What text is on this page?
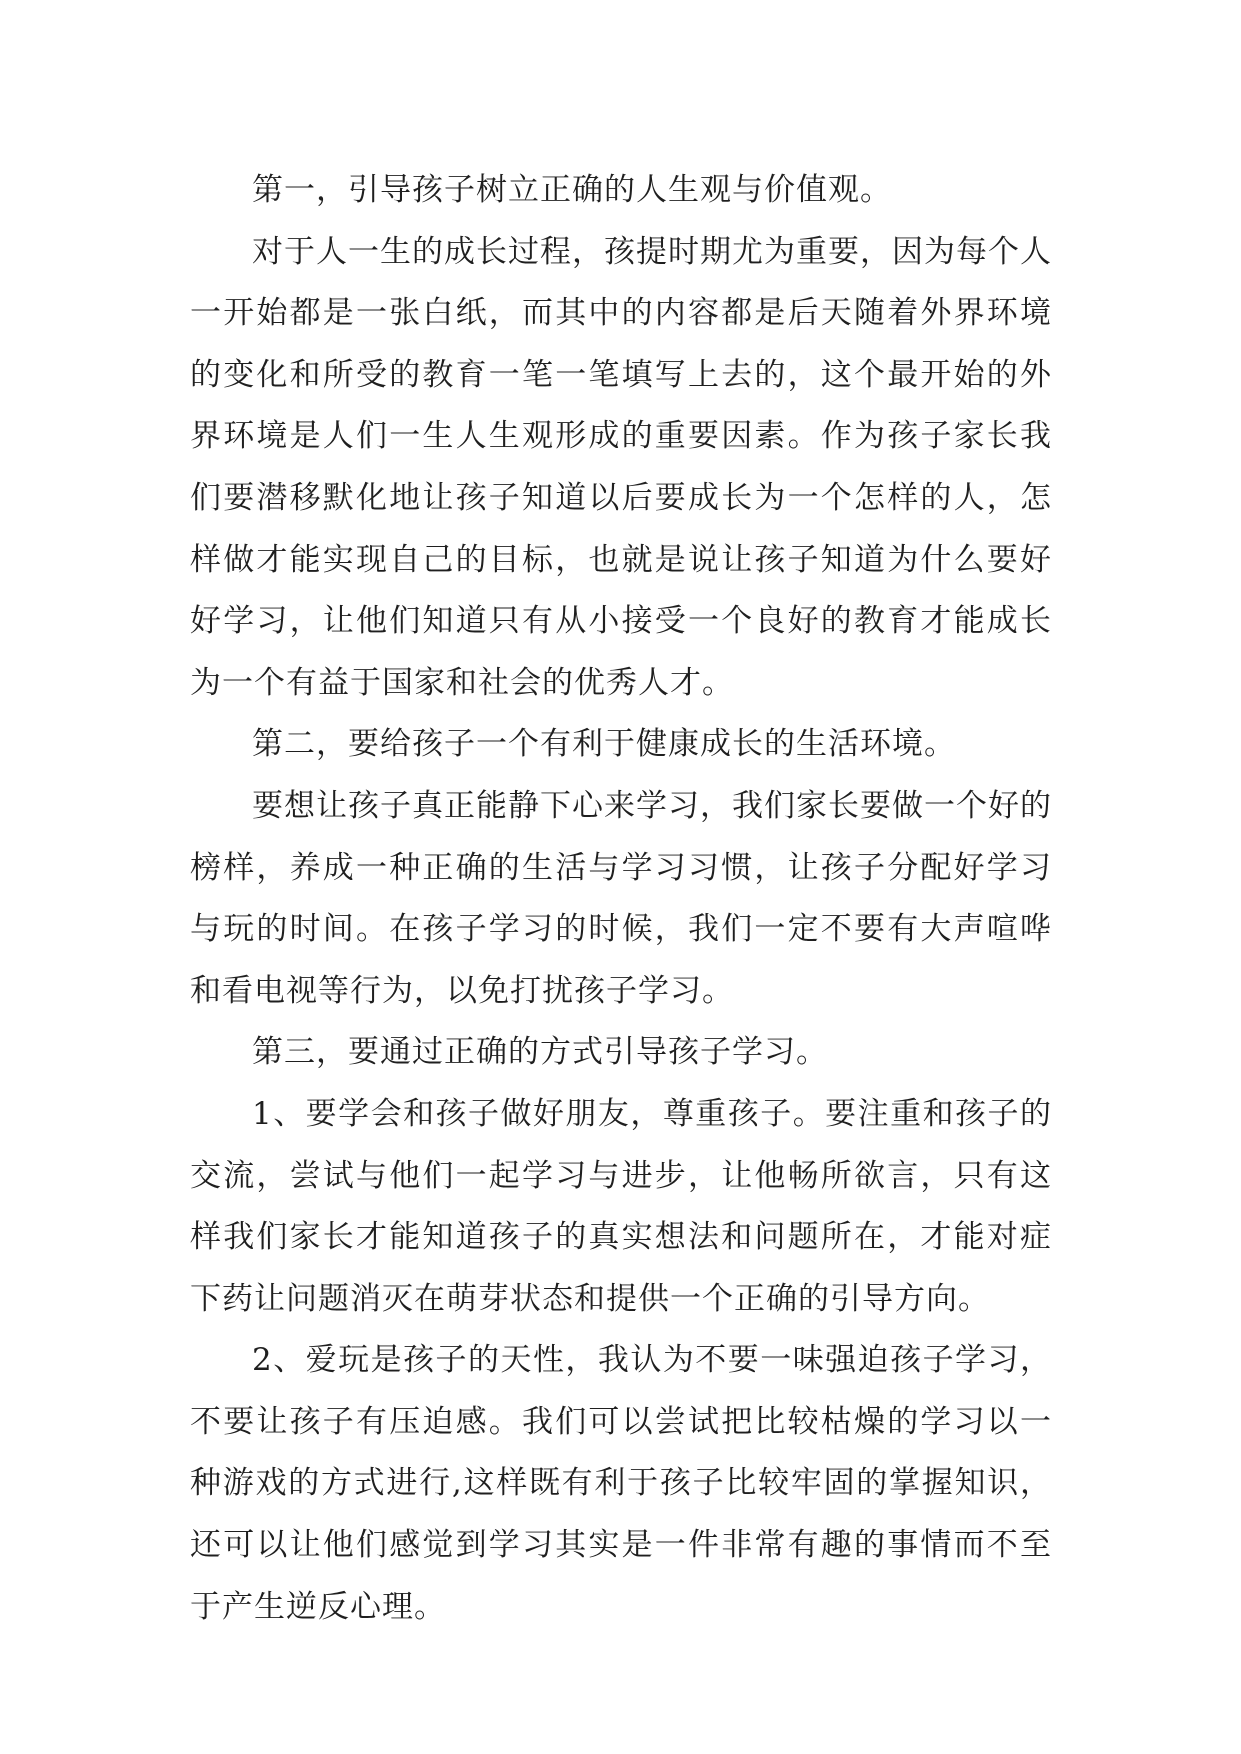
第一，引导孩子树立正确的人生观与价值观。

对于人一生的成长过程，孩提时期尤为重要，因为每个人一开始都是一张白纸，而其中的内容都是后天随着外界环境的变化和所受的教育一笔一笔填写上去的，这个最开始的外界环境是人们一生人生观形成的重要因素。作为孩子家长我们要潜移默化地让孩子知道以后要成长为一个怎样的人，怎样做才能实现自己的目标，也就是说让孩子知道为什么要好好学习，让他们知道只有从小接受一个良好的教育才能成长为一个有益于国家和社会的优秀人才。

第二，要给孩子一个有利于健康成长的生活环境。

要想让孩子真正能静下心来学习，我们家长要做一个好的榜样，养成一种正确的生活与学习习惯，让孩子分配好学习与玩的时间。在孩子学习的时候，我们一定不要有大声喧哗和看电视等行为，以免打扰孩子学习。

第三，要通过正确的方式引导孩子学习。

1、要学会和孩子做好朋友，尊重孩子。要注重和孩子的交流，尝试与他们一起学习与进步，让他畅所欲言，只有这样我们家长才能知道孩子的真实想法和问题所在，才能对症下药让问题消灭在萌芽状态和提供一个正确的引导方向。

2、爱玩是孩子的天性，我认为不要一味强迫孩子学习，不要让孩子有压迫感。我们可以尝试把比较枯燥的学习以一种游戏的方式进行,这样既有利于孩子比较牢固的掌握知识，还可以让他们感觉到学习其实是一件非常有趣的事情而不至于产生逆反心理。
